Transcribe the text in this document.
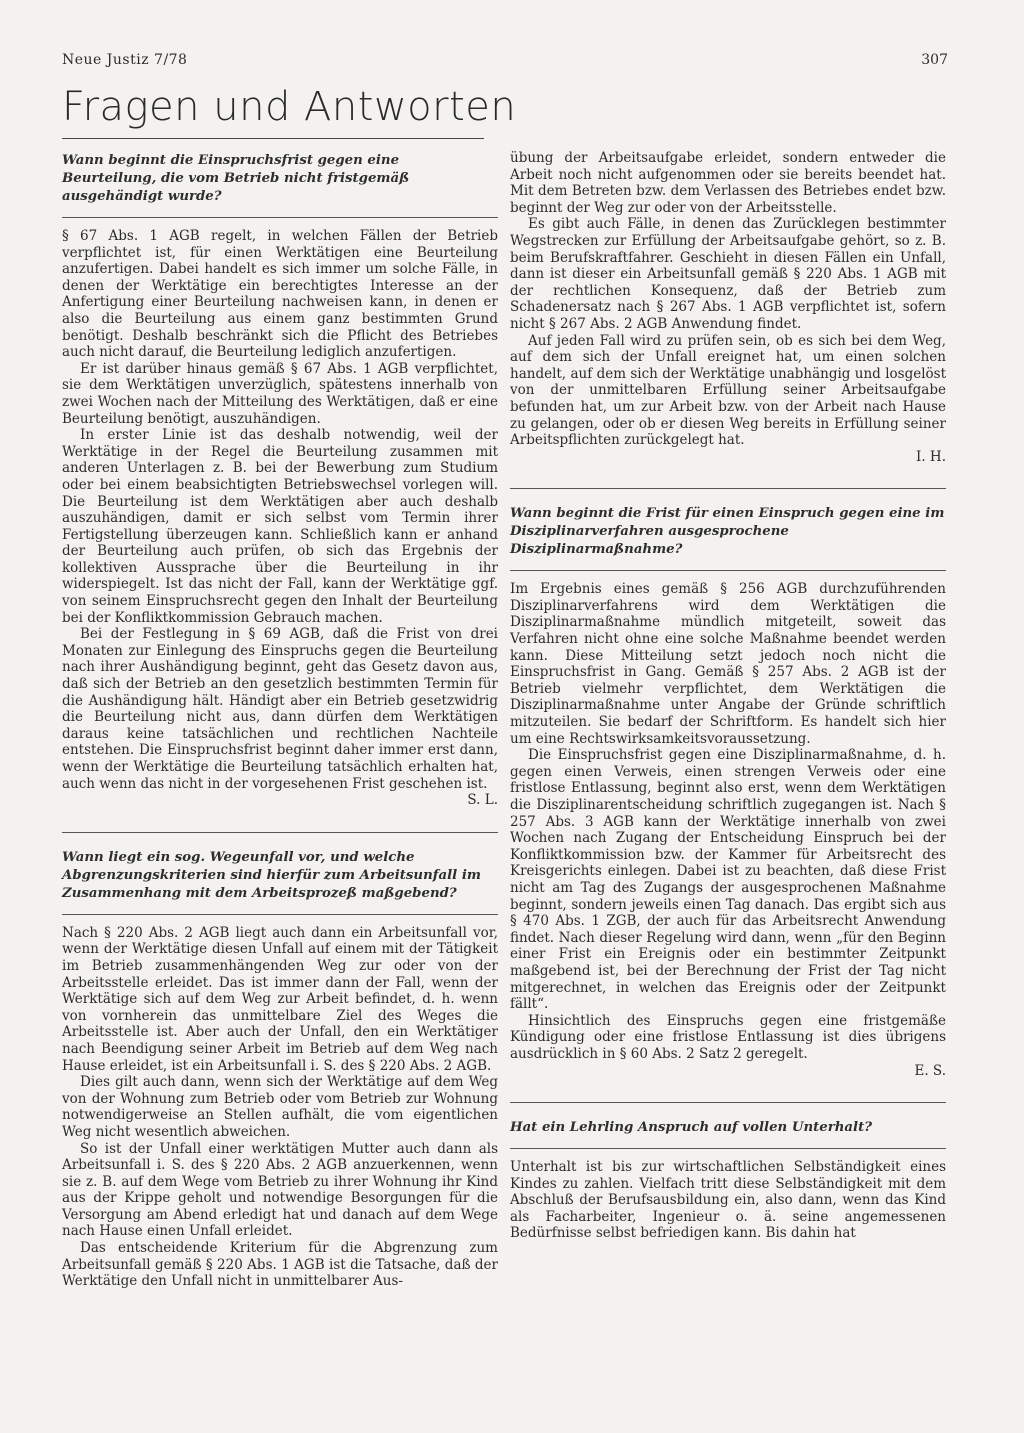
Neue Justiz 7/78	307
Fragen und Antworten
Wann beginnt die Einspruchsfrist gegen eine Beurteilung, die vom Betrieb nicht fristgemäß ausgehändigt wurde?

§ 67 Abs. 1 AGB regelt, in welchen Fällen der Betrieb verpflichtet ist, für einen Werktätigen eine Beurteilung anzufertigen. Dabei handelt es sich immer um solche Fälle, in denen der Werktätige ein berechtigtes Interesse an der Anfertigung einer Beurteilung nachweisen kann, in denen er also die Beurteilung aus einem ganz bestimmten Grund benötigt. Deshalb beschränkt sich die Pflicht des Betriebes auch nicht darauf, die Beurteilung lediglich anzufertigen.

Er ist darüber hinaus gemäß § 67 Abs. 1 AGB verpflichtet, sie dem Werktätigen unverzüglich, spätestens innerhalb von zwei Wochen nach der Mitteilung des Werktätigen, daß er eine Beurteilung benötigt, auszuhändigen.

In erster Linie ist das deshalb notwendig, weil der Werktätige in der Regel die Beurteilung zusammen mit anderen Unterlagen z. B. bei der Bewerbung zum Studium oder bei einem beabsichtigten Betriebswechsel vorlegen will. Die Beurteilung ist dem Werktätigen aber auch deshalb auszuhändigen, damit er sich selbst vom Termin ihrer Fertigstellung überzeugen kann. Schließlich kann er anhand der Beurteilung auch prüfen, ob sich das Ergebnis der kollektiven Aussprache über die Beurteilung in ihr widerspiegelt. Ist das nicht der Fall, kann der Werktätige ggf. von seinem Einspruchsrecht gegen den Inhalt der Beurteilung bei der Konfliktkommission Gebrauch machen.

Bei der Festlegung in § 69 AGB, daß die Frist von drei Monaten zur Einlegung des Einspruchs gegen die Beurteilung nach ihrer Aushändigung beginnt, geht das Gesetz davon aus, daß sich der Betrieb an den gesetzlich bestimmten Termin für die Aushändigung hält. Händigt aber ein Betrieb gesetzwidrig die Beurteilung nicht aus, dann dürfen dem Werktätigen daraus keine tatsächlichen und rechtlichen Nachteile entstehen. Die Einspruchsfrist beginnt daher immer erst dann, wenn der Werktätige die Beurteilung tatsächlich erhalten hat, auch wenn das nicht in der vorgesehenen Frist geschehen ist.

S. L.
Wann liegt ein sog. Wegeunfall vor, und welche Abgrenzungskriterien sind hierfür zum Arbeitsunfall im Zusammenhang mit dem Arbeitsprozeß maßgebend?

Nach § 220 Abs. 2 AGB liegt auch dann ein Arbeitsunfall vor, wenn der Werktätige diesen Unfall auf einem mit der Tätigkeit im Betrieb zusammenhängenden Weg zur oder von der Arbeitsstelle erleidet. Das ist immer dann der Fall, wenn der Werktätige sich auf dem Weg zur Arbeit befindet, d. h. wenn von vornherein das unmittelbare Ziel des Weges die Arbeitsstelle ist. Aber auch der Unfall, den ein Werktätiger nach Beendigung seiner Arbeit im Betrieb auf dem Weg nach Hause erleidet, ist ein Arbeitsunfall i. S. des § 220 Abs. 2 AGB.

Dies gilt auch dann, wenn sich der Werktätige auf dem Weg von der Wohnung zum Betrieb oder vom Betrieb zur Wohnung notwendigerweise an Stellen aufhält, die vom eigentlichen Weg nicht wesentlich abweichen.

So ist der Unfall einer werktätigen Mutter auch dann als Arbeitsunfall i. S. des § 220 Abs. 2 AGB anzuerkennen, wenn sie z. B. auf dem Wege vom Betrieb zu ihrer Wohnung ihr Kind aus der Krippe geholt und notwendige Besorgungen für die Versorgung am Abend erledigt hat und danach auf dem Wege nach Hause einen Unfall erleidet.

Das entscheidende Kriterium für die Abgrenzung zum Arbeitsunfall gemäß § 220 Abs. 1 AGB ist die Tatsache, daß der Werktätige den Unfall nicht in unmittelbarer Aus-

übung der Arbeitsaufgabe erleidet, sondern entweder die Arbeit noch nicht aufgenommen oder sie bereits beendet hat. Mit dem Betreten bzw. dem Verlassen des Betriebes endet bzw. beginnt der Weg zur oder von der Arbeitsstelle.

Es gibt auch Fälle, in denen das Zurücklegen bestimmter Wegstrecken zur Erfüllung der Arbeitsaufgabe gehört, so z. B. beim Berufskraftfahrer. Geschieht in diesen Fällen ein Unfall, dann ist dieser ein Arbeitsunfall gemäß § 220 Abs. 1 AGB mit der rechtlichen Konsequenz, daß der Betrieb zum Schadenersatz nach § 267 Abs. 1 AGB verpflichtet ist, sofern nicht § 267 Abs. 2 AGB Anwendung findet.

Auf jeden Fall wird zu prüfen sein, ob es sich bei dem Weg, auf dem sich der Unfall ereignet hat, um einen solchen handelt, auf dem sich der Werktätige unabhängig und losgelöst von der unmittelbaren Erfüllung seiner Arbeitsaufgabe befunden hat, um zur Arbeit bzw. von der Arbeit nach Hause zu gelangen, oder ob er diesen Weg bereits in Erfüllung seiner Arbeitspflichten zurückgelegt hat.

I. H.
Wann beginnt die Frist für einen Einspruch gegen eine im Disziplinarverfahren ausgesprochene Disziplinarmaßnahme?

Im Ergebnis eines gemäß § 256 AGB durchzuführenden Disziplinarverfahrens wird dem Werktätigen die Disziplinarmaßnahme mündlich mitgeteilt, soweit das Verfahren nicht ohne eine solche Maßnahme beendet werden kann. Diese Mitteilung setzt jedoch noch nicht die Einspruchsfrist in Gang. Gemäß § 257 Abs. 2 AGB ist der Betrieb vielmehr verpflichtet, dem Werktätigen die Disziplinarmaßnahme unter Angabe der Gründe schriftlich mitzuteilen. Sie bedarf der Schriftform. Es handelt sich hier um eine Rechtswirksamkeitsvoraussetzung.

Die Einspruchsfrist gegen eine Disziplinarmaßnahme, d. h. gegen einen Verweis, einen strengen Verweis oder eine fristlose Entlassung, beginnt also erst, wenn dem Werktätigen die Disziplinarentscheidung schriftlich zugegangen ist. Nach § 257 Abs. 3 AGB kann der Werktätige innerhalb von zwei Wochen nach Zugang der Entscheidung Einspruch bei der Konfliktkommission bzw. der Kammer für Arbeitsrecht des Kreisgerichts einlegen. Dabei ist zu beachten, daß diese Frist nicht am Tag des Zugangs der ausgesprochenen Maßnahme beginnt, sondern jeweils einen Tag danach. Das ergibt sich aus § 470 Abs. 1 ZGB, der auch für das Arbeitsrecht Anwendung findet. Nach dieser Regelung wird dann, wenn „für den Beginn einer Frist ein Ereignis oder ein bestimmter Zeitpunkt maßgebend ist, bei der Berechnung der Frist der Tag nicht mitgerechnet, in welchen das Ereignis oder der Zeitpunkt fällt“.

Hinsichtlich des Einspruchs gegen eine fristgemäße Kündigung oder eine fristlose Entlassung ist dies übrigens ausdrücklich in § 60 Abs. 2 Satz 2 geregelt.

E. S.
Hat ein Lehrling Anspruch auf vollen Unterhalt?

Unterhalt ist bis zur wirtschaftlichen Selbständigkeit eines Kindes zu zahlen. Vielfach tritt diese Selbständigkeit mit dem Abschluß der Berufsausbildung ein, also dann, wenn das Kind als Facharbeiter, Ingenieur o. ä. seine angemessenen Bedürfnisse selbst befriedigen kann. Bis dahin hat
